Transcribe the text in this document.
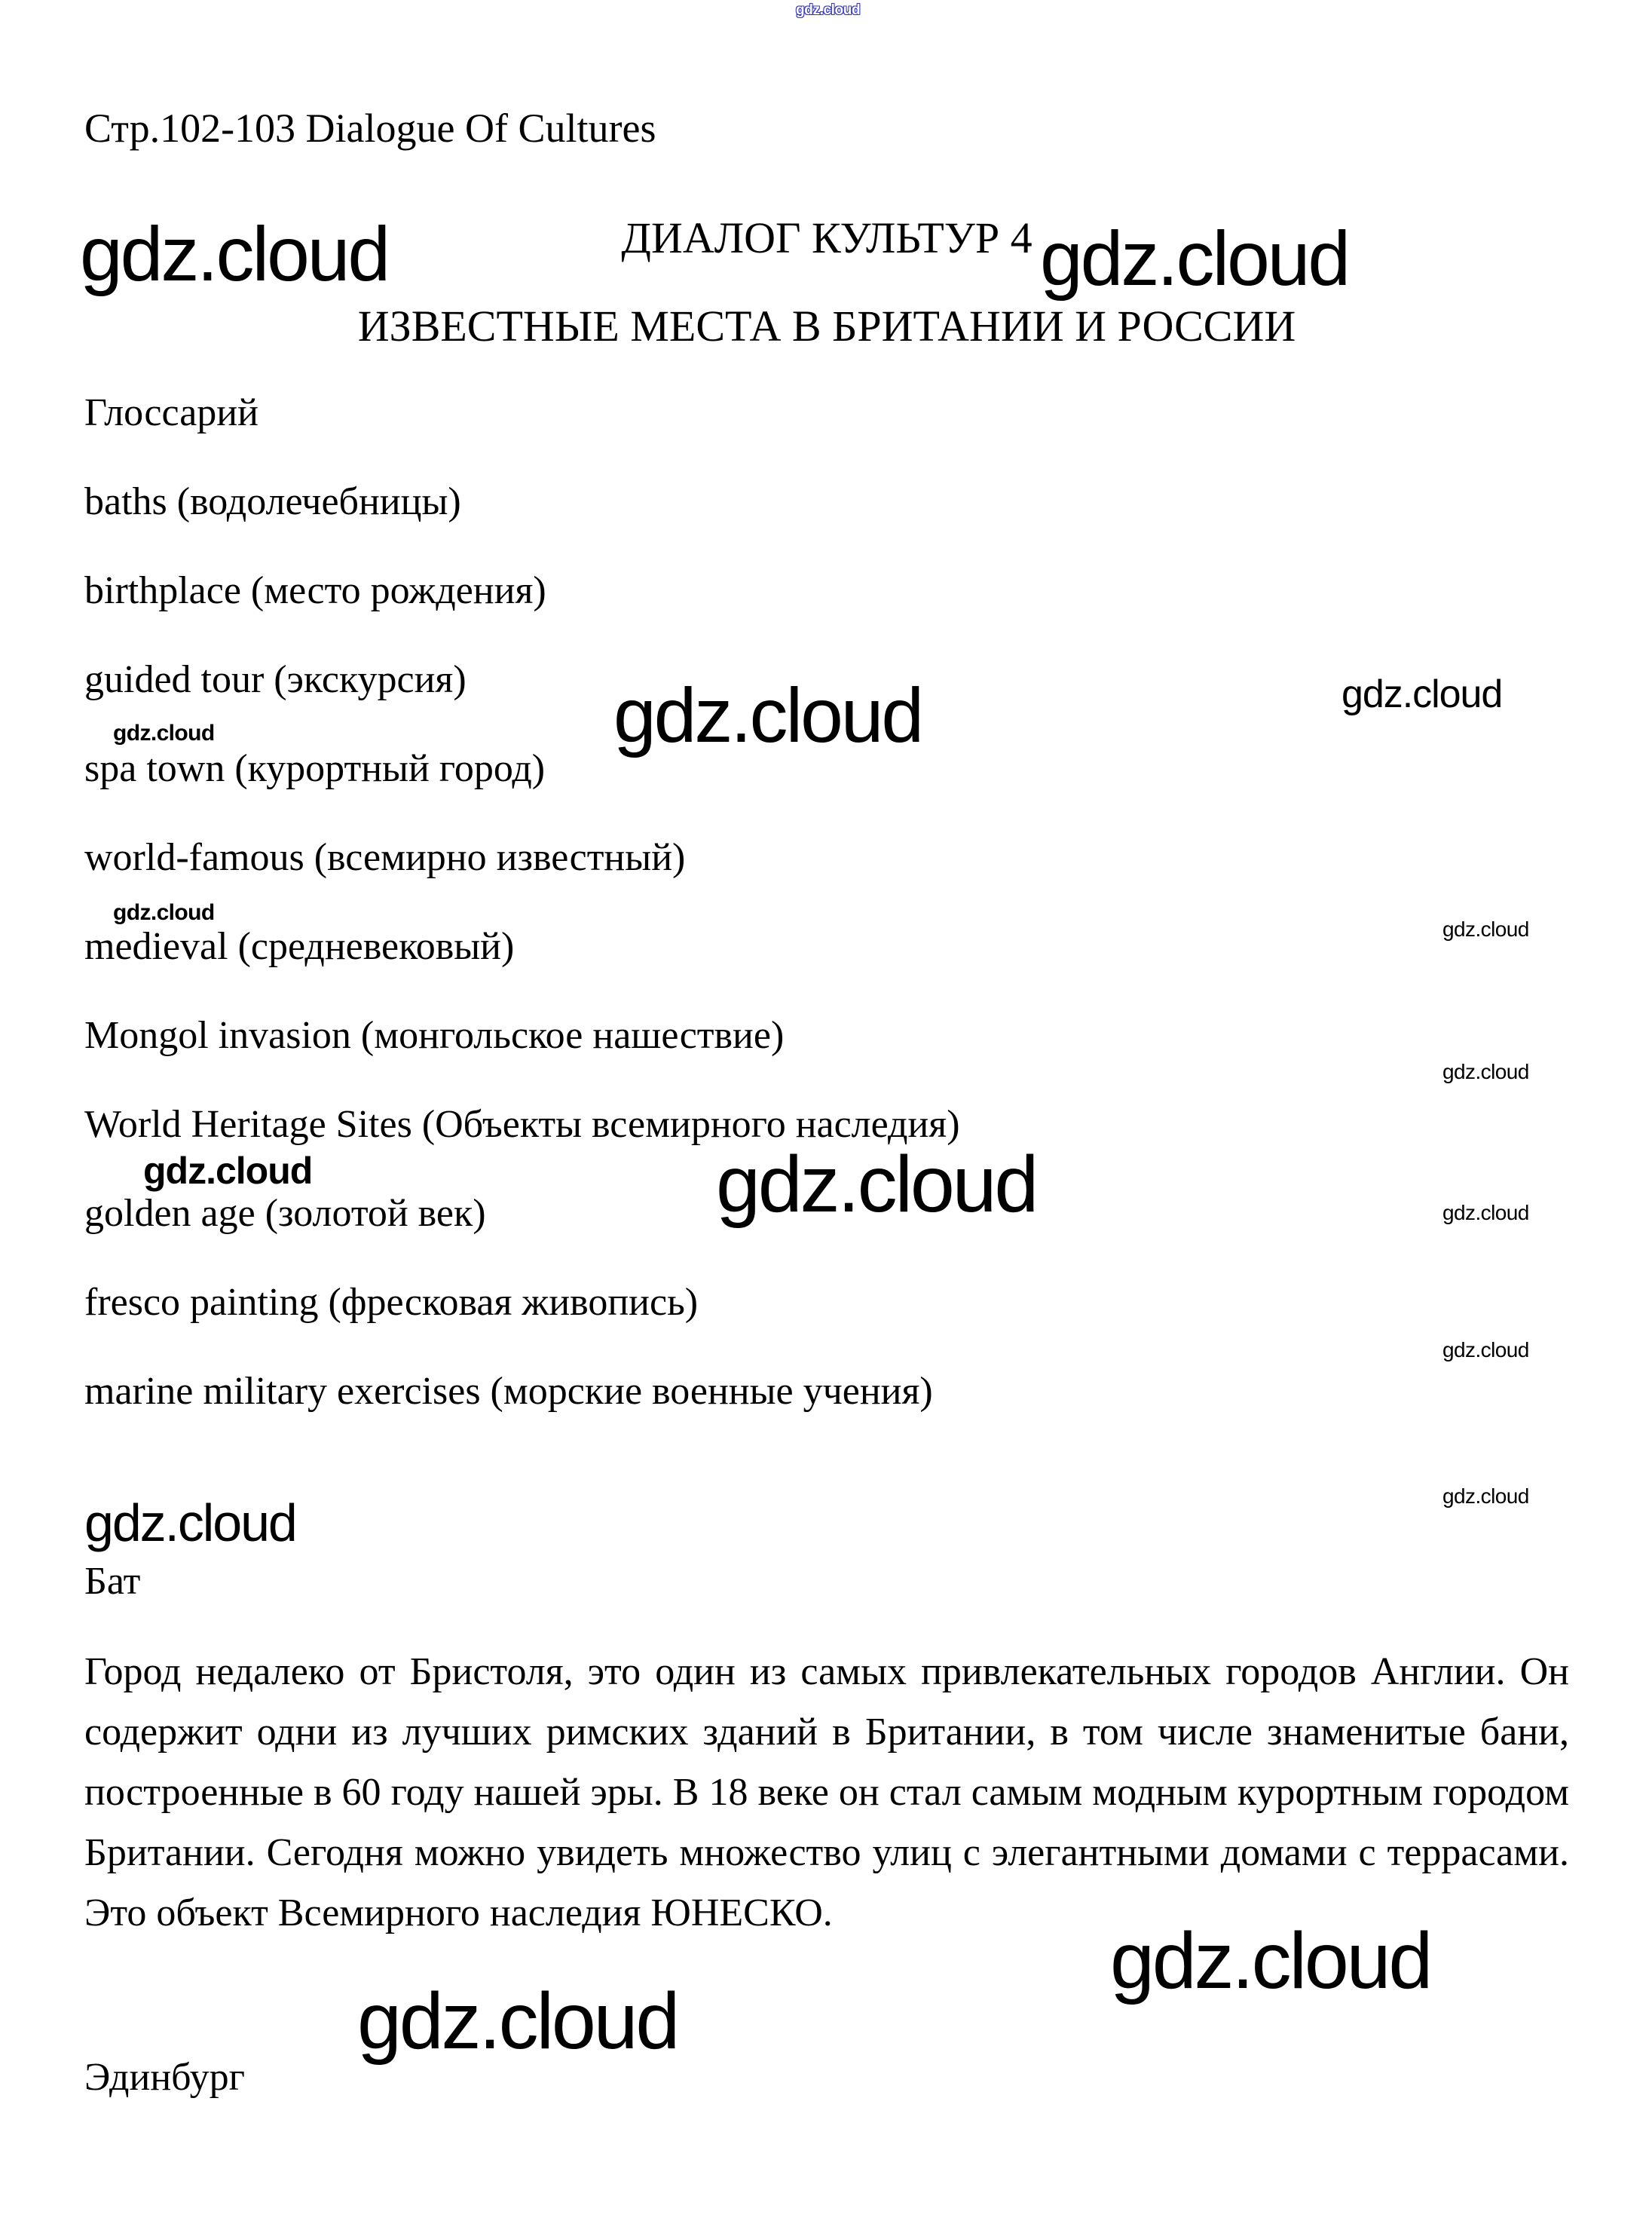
Стр.102-103 Dialogue Of Cultures

ДИАЛОГ КУЛЬТУР 4
ИЗВЕСТНЫЕ МЕСТА В БРИТАНИИ И РОССИИ

Глоссарий

baths (водолечебницы)

birthplace (место рождения)

guided tour (экскурсия)

spa town (курортный город)

world-famous (всемирно известный)

medieval (средневековый)

Mongol invasion (монгольское нашествие)

World Heritage Sites (Объекты всемирного наследия)

golden age (золотой век)

fresco painting (фресковая живопись)

marine military exercises (морские военные учения)

Бат

Город недалеко от Бристоля, это один из самых привлекательных городов Англии. Он содержит одни из лучших римских зданий в Британии, в том числе знаменитые бани, построенные в 60 году нашей эры. В 18 веке он стал самым модным курортным городом Британии. Сегодня можно увидеть множество улиц с элегантными домами с террасами. Это объект Всемирного наследия ЮНЕСКО.

Эдинбург

gdz.cloud
gdz.cloud	gdz.cloud
gdz.cloud	gdz.cloud
gdz.cloud
gdz.cloud
gdz.cloud
gdz.cloud
gdz.cloud
gdz.cloud
gdz.cloud
gdz.cloud
gdz.cloud
gdz.cloud
gdz.cloud
gdz.cloud
